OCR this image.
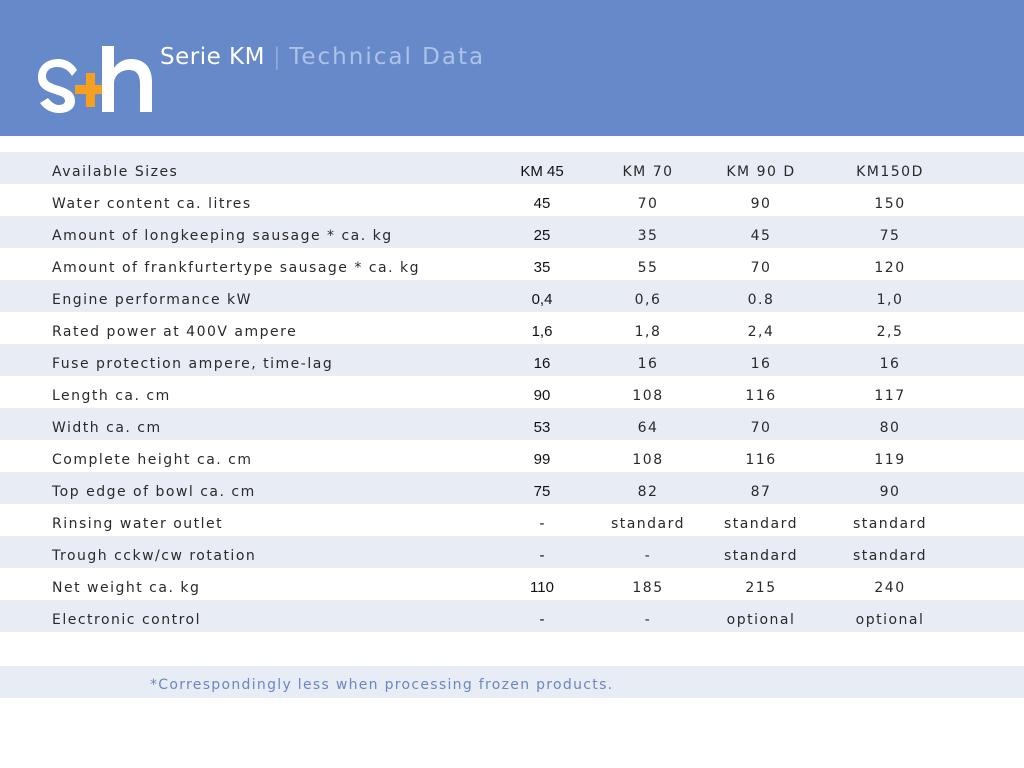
Serie KM | Technical Data
Available Sizes	KM 45	KM 70	KM 90 D	KM150D
Water content ca. litres	45	70	90	150
Amount of longkeeping sausage * ca. kg	25	35	45	75
Amount of frankfurtertype sausage * ca. kg	35	55	70	120
Engine performance kW	0,4	0,6	0.8	1,0
Rated power at 400V ampere	1,6	1,8	2,4	2,5
Fuse protection ampere, time-lag	16	16	16	16
Length ca. cm	90	108	116	117
Width ca. cm	53	64	70	80
Complete height ca. cm	99	108	116	119
Top edge of bowl ca. cm	75	82	87	90
Rinsing water outlet	-	standard	standard	standard
Trough cckw/cw rotation	-	-	standard	standard
Net weight ca. kg	110	185	215	240
Electronic control	-	-	optional	optional
*Correspondingly less when processing frozen products.
